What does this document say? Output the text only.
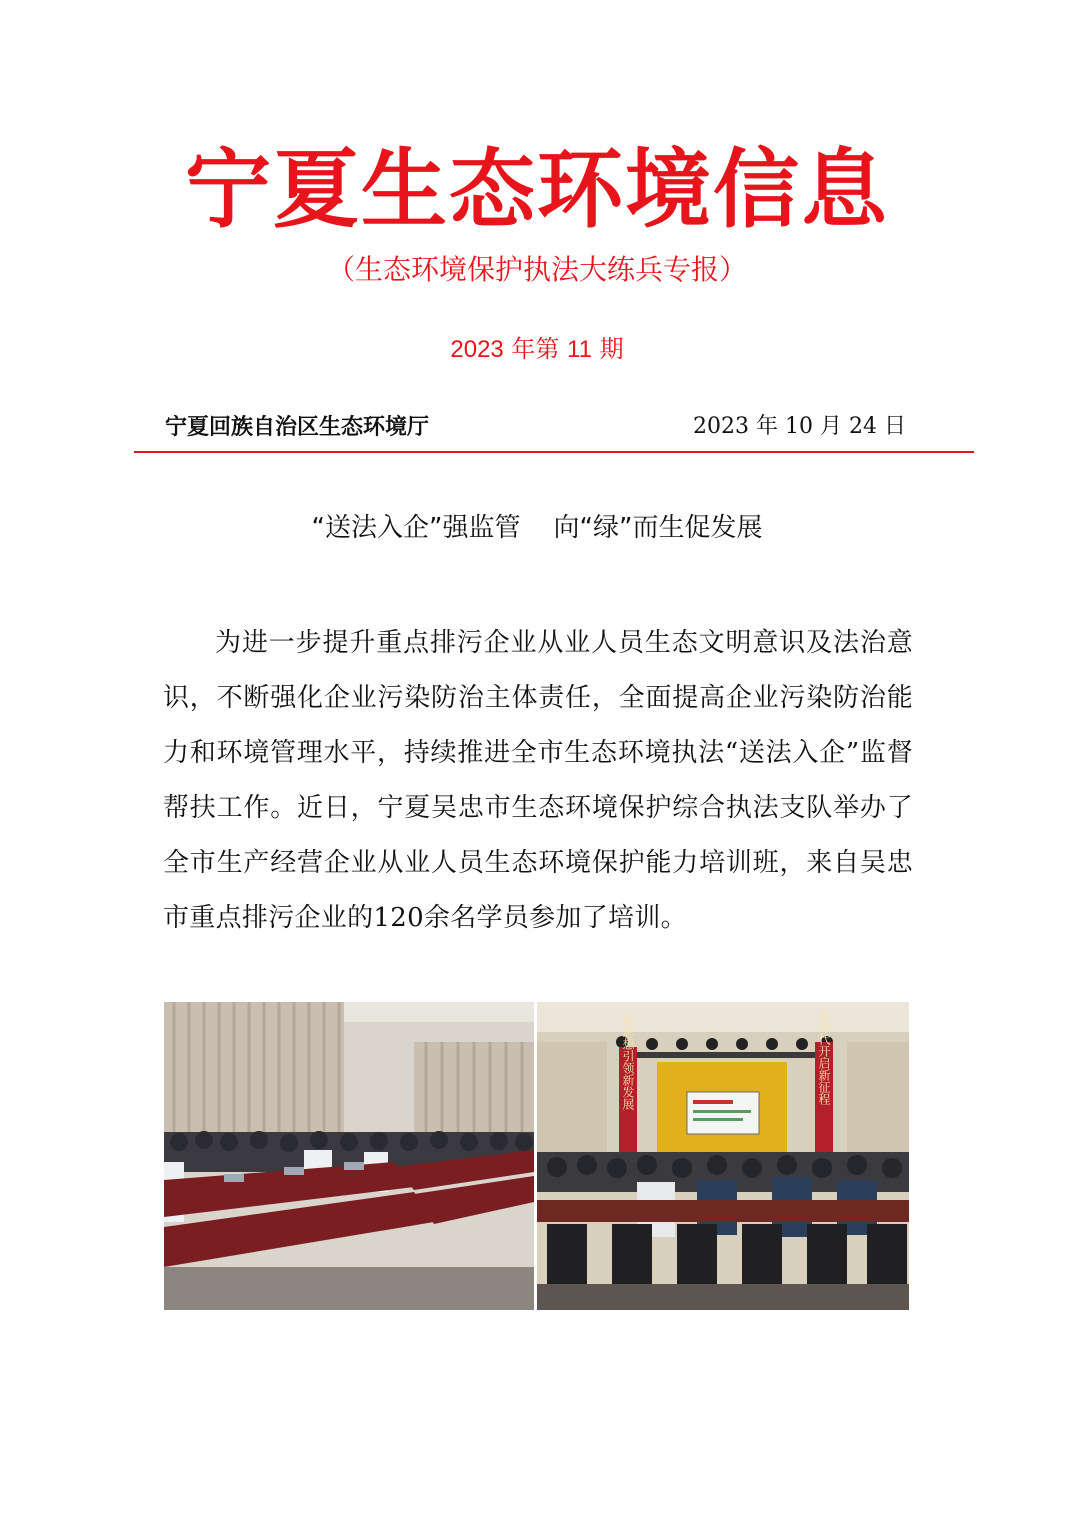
宁夏生态环境信息
（生态环境保护执法大练兵专报）
2023 年第 11 期
宁夏回族自治区生态环境厅	2023 年 10 月 24 日
“送法入企”强监管    向“绿”而生促发展

为进一步提升重点排污企业从业人员生态文明意识及法治意识，不断强化企业污染防治主体责任，全面提高企业污染防治能力和环境管理水平，持续推进全市生态环境执法“送法入企”监督帮扶工作。近日，宁夏吴忠市生态环境保护综合执法支队举办了全市生产经营企业从业人员生态环境保护能力培训班，来自吴忠市重点排污企业的120余名学员参加了培训。

新思想引领新发展	新时代开启新征程
